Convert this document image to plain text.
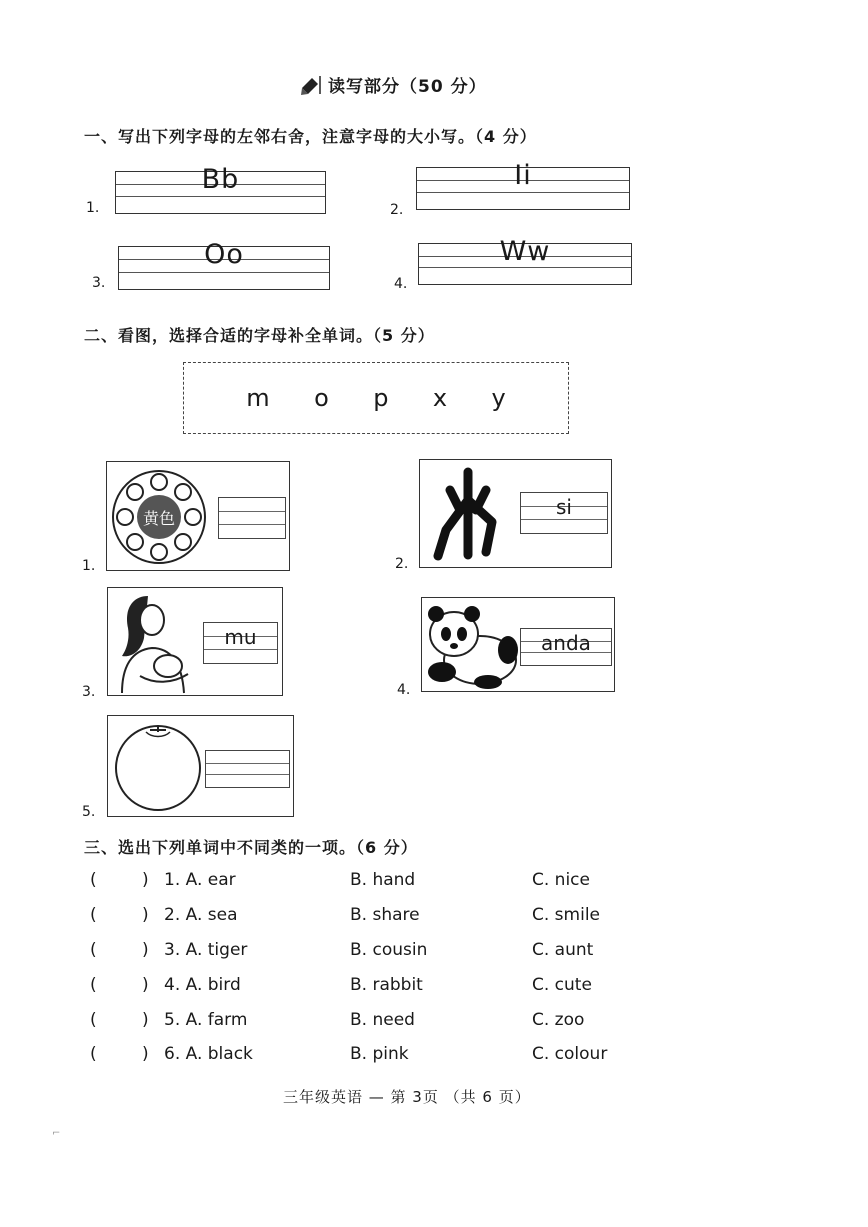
读写部分（50 分）
一、写出下列字母的左邻右舍，注意字母的大小写。（4 分）
1.
Bb
2.
Ii
3.
Oo
4.
Ww
二、看图，选择合适的字母补全单词。（5 分）
m o p x y
1.
黄色
2.
si
3.
mu
4.
anda
5.
三、选出下列单词中不同类的一项。（6 分）
(	) 1. A. ear	B. hand	C. nice
(	) 2. A. sea	B. share	C. smile
(	) 3. A. tiger	B. cousin	C. aunt
(	) 4. A. bird	B. rabbit	C. cute
(	) 5. A. farm	B. need	C. zoo
(	) 6. A. black	B. pink	C. colour
三年级英语 — 第 3页 （共 6 页）
⌐
